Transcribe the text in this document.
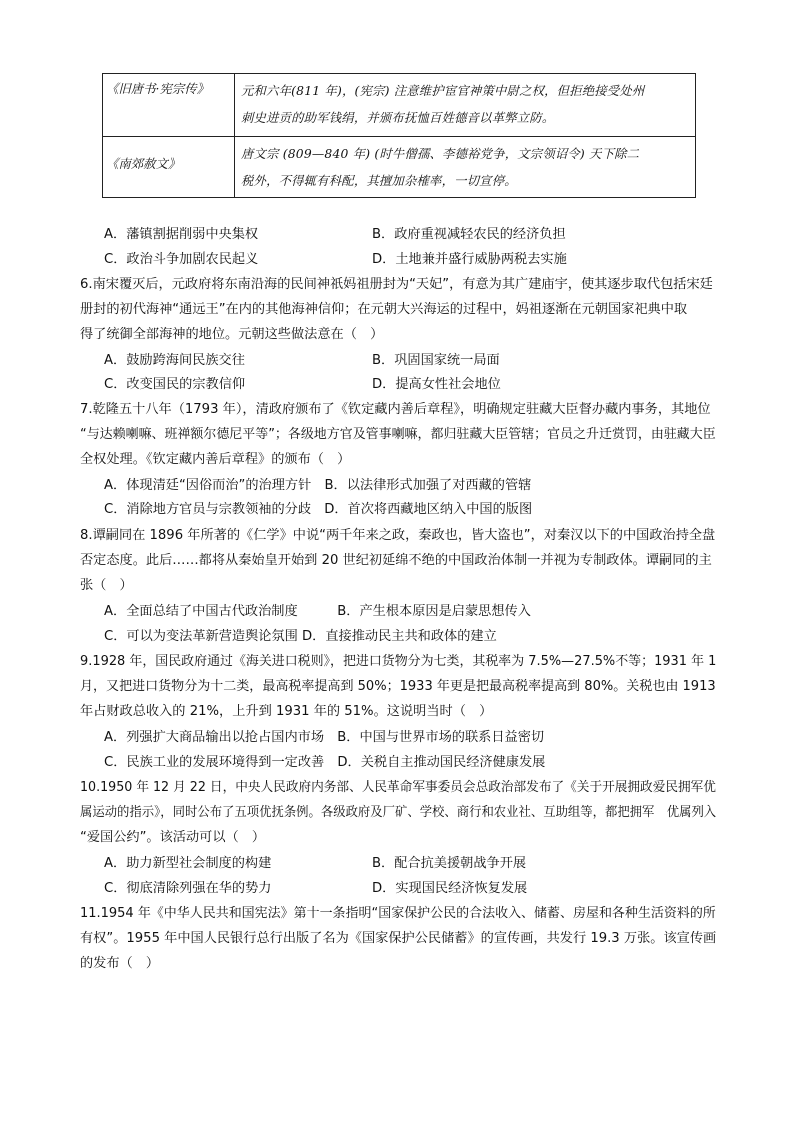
《旧唐书·宪宗传》	元和六年(811 年)，(宪宗) 注意维护宦官神策中尉之权，但拒绝接受处州
刺史进贡的助军钱绢，并颁布抚恤百姓德音以革弊立防。

《南郊赦文》	唐文宗 (809—840 年) (时牛僧孺、李德裕党争，文宗领诏令) 天下除二
税外，不得辄有科配，其擅加杂榷率，一切宣停。
A．藩镇割据削弱中央集权	B．政府重视减轻农民的经济负担
C．政治斗争加剧农民起义	D．土地兼并盛行威胁两税去实施
6.南宋覆灭后，元政府将东南沿海的民间神祇妈祖册封为“天妃”，有意为其广建庙宇，使其逐步取代包括宋廷
册封的初代海神“通远王”在内的其他海神信仰；在元朝大兴海运的过程中，妈祖逐渐在元朝国家祀典中取
得了统御全部海神的地位。元朝这些做法意在（　）
A．鼓励跨海间民族交往	B．巩固国家统一局面
C．改变国民的宗教信仰	D．提高女性社会地位
7.乾隆五十八年（1793 年），清政府颁布了《钦定藏内善后章程》，明确规定驻藏大臣督办藏内事务，其地位
“与达赖喇嘛、班禅额尔德尼平等”；各级地方官及管事喇嘛，都归驻藏大臣管辖；官员之升迁赏罚，由驻藏大臣
全权处理。《钦定藏内善后章程》的颁布（　）
A．体现清廷“因俗而治”的治理方针　B．以法律形式加强了对西藏的管辖
C．消除地方官员与宗教领袖的分歧　D．首次将西藏地区纳入中国的版图
8.谭嗣同在 1896 年所著的《仁学》中说“两千年来之政，秦政也，皆大盗也”，对秦汉以下的中国政治持全盘
否定态度。此后……都将从秦始皇开始到 20 世纪初延绵不绝的中国政治体制一并视为专制政体。谭嗣同的主
张（　）
A．全面总结了中国古代政治制度　　　B．产生根本原因是启蒙思想传入
C．可以为变法革新营造舆论氛围 D．直接推动民主共和政体的建立
9.1928 年，国民政府通过《海关进口税则》，把进口货物分为七类，其税率为 7.5%—27.5%不等；1931 年 1
月，又把进口货物分为十二类，最高税率提高到 50%；1933 年更是把最高税率提高到 80%。关税也由 1913
年占财政总收入的 21%，上升到 1931 年的 51%。这说明当时（　）
A．列强扩大商品输出以抢占国内市场　B．中国与世界市场的联系日益密切
C．民族工业的发展环境得到一定改善　D．关税自主推动国民经济健康发展
10.1950 年 12 月 22 日，中央人民政府内务部、人民革命军事委员会总政治部发布了《关于开展拥政爱民拥军优
属运动的指示》，同时公布了五项优抚条例。各级政府及厂矿、学校、商行和农业社、互助组等，都把拥军　优属列入
“爱国公约”。该活动可以（　）
A．助力新型社会制度的构建	B．配合抗美援朝战争开展
C．彻底清除列强在华的势力	D．实现国民经济恢复发展
11.1954 年《中华人民共和国宪法》第十一条指明“国家保护公民的合法收入、储蓄、房屋和各种生活资料的所
有权”。1955 年中国人民银行总行出版了名为《国家保护公民储蓄》的宣传画，共发行 19.3 万张。该宣传画
的发布（　）
